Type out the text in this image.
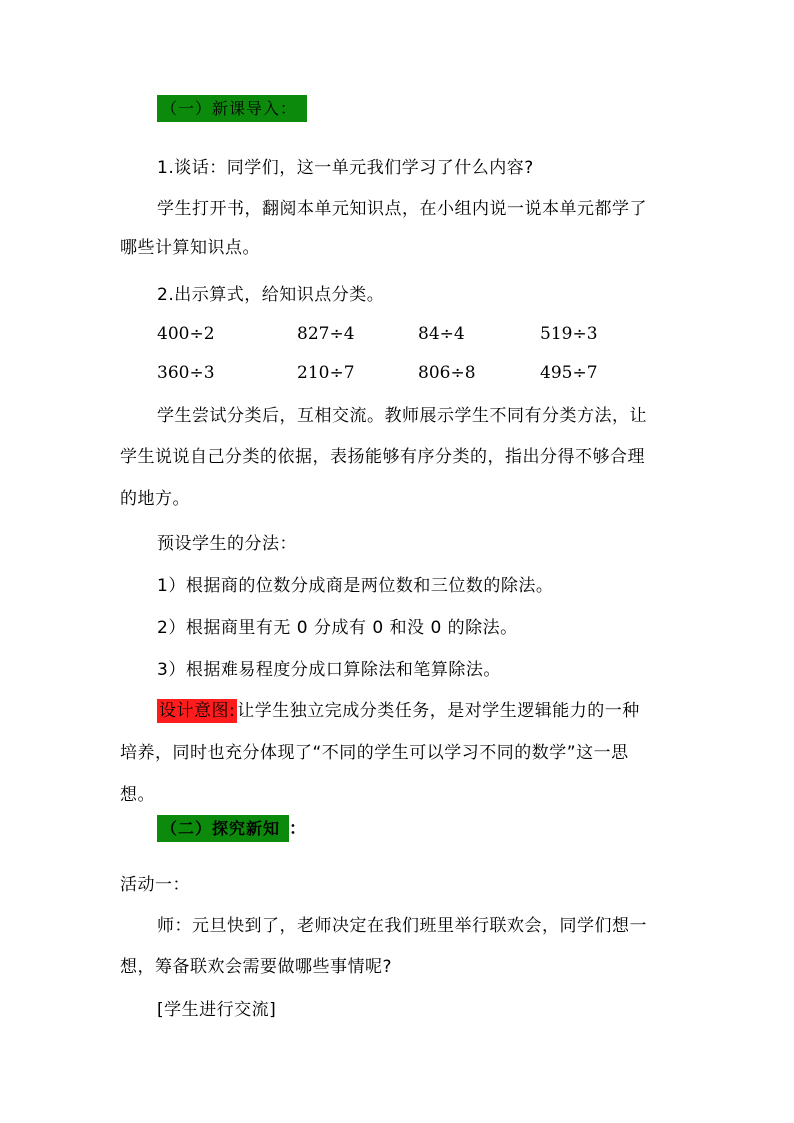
（一）新课导入：
1.谈话：同学们，这一单元我们学习了什么内容?
学生打开书，翻阅本单元知识点，在小组内说一说本单元都学了
哪些计算知识点。
2.出示算式，给知识点分类。
400÷2	827÷4	84÷4	519÷3
360÷3	210÷7	806÷8	495÷7
学生尝试分类后，互相交流。教师展示学生不同有分类方法，让
学生说说自己分类的依据，表扬能够有序分类的，指出分得不够合理
的地方。
预设学生的分法：
1）根据商的位数分成商是两位数和三位数的除法。
2）根据商里有无 0 分成有 0 和没 0 的除法。
3）根据难易程度分成口算除法和笔算除法。
设计意图: 让学生独立完成分类任务，是对学生逻辑能力的一种
培养，同时也充分体现了“不同的学生可以学习不同的数学”这一思
想。
（二）探究新知 ：
活动一：
师：元旦快到了，老师决定在我们班里举行联欢会，同学们想一
想，筹备联欢会需要做哪些事情呢?
[学生进行交流]
